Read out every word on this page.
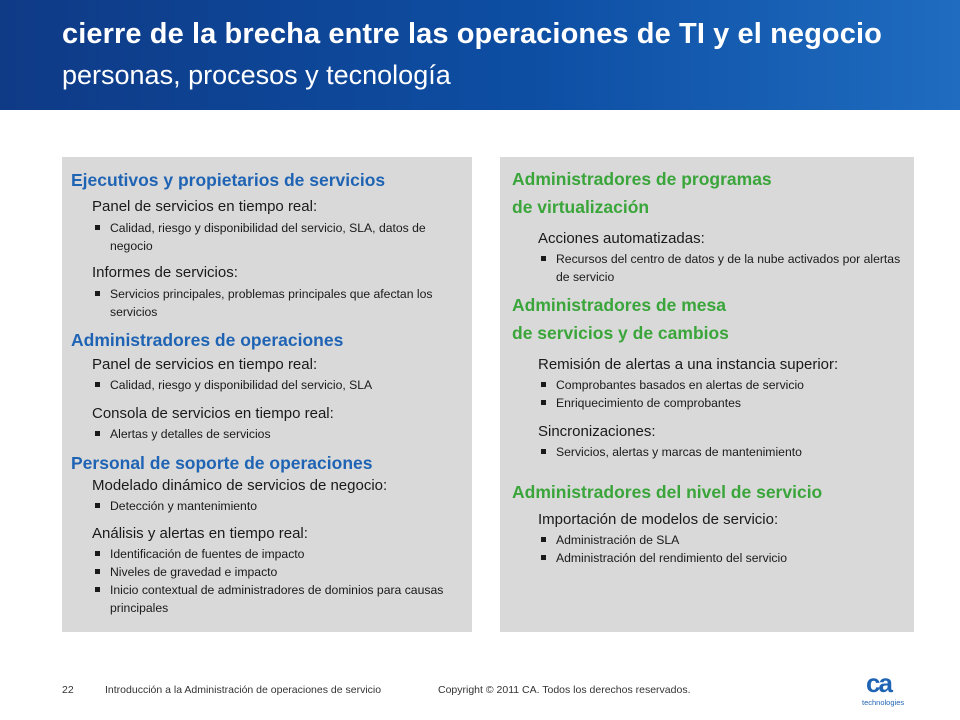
cierre de la brecha entre las operaciones de TI y el negocio
personas, procesos y tecnología
Ejecutivos y propietarios de servicios
Panel de servicios en tiempo real:
Calidad, riesgo y disponibilidad del servicio, SLA, datos de negocio
Informes de servicios:
Servicios principales, problemas principales que afectan los servicios
Administradores de operaciones
Panel de servicios en tiempo real:
Calidad, riesgo y disponibilidad del servicio, SLA
Consola de servicios en tiempo real:
Alertas y detalles de servicios
Personal de soporte de operaciones
Modelado dinámico de servicios de negocio:
Detección y mantenimiento
Análisis y alertas en tiempo real:
Identificación de fuentes de impacto
Niveles de gravedad e impacto
Inicio contextual de administradores de dominios para causas principales
Administradores de programas
de virtualización
Acciones automatizadas:
Recursos del centro de datos y de la nube activados por alertas de servicio
Administradores de mesa
de servicios y de cambios
Remisión de alertas a una instancia superior:
Comprobantes basados en alertas de servicio
Enriquecimiento de comprobantes
Sincronizaciones:
Servicios, alertas y marcas de mantenimiento
Administradores del nivel de servicio
Importación de modelos de servicio:
Administración de SLA
Administración del rendimiento del servicio
22	Introducción a la Administración de operaciones de servicio	Copyright © 2011 CA. Todos los derechos reservados.	ca
technologies
